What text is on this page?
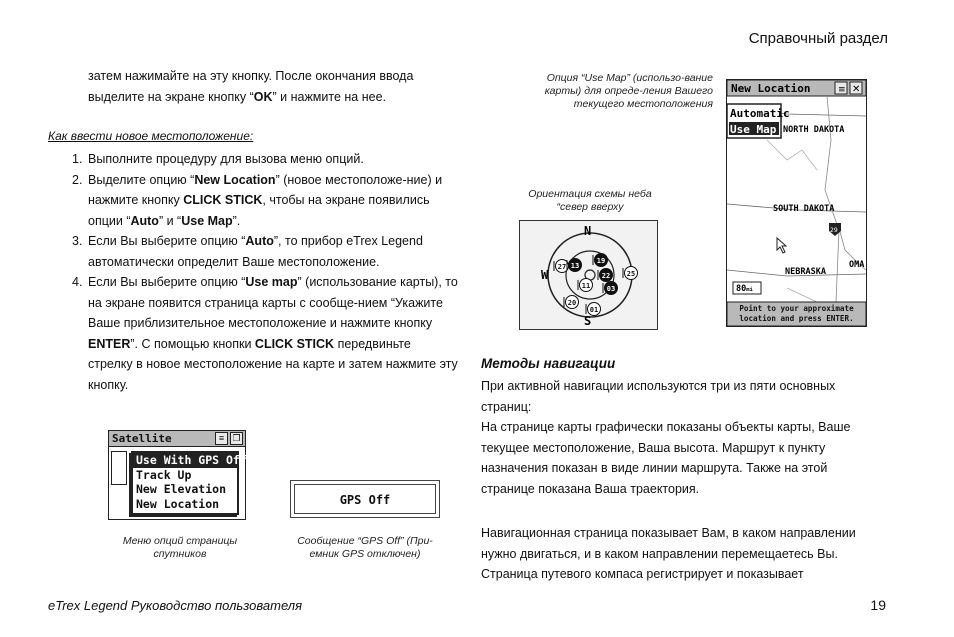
Справочный раздел
затем нажимайте на эту кнопку. После окончания ввода
выделите на экране кнопку “OK” и нажмите на нее.
Как ввести новое местоположение:
1. Выполните процедуру для вызова меню опций.
2. Выделите опцию “New Location” (новое местоположе-ние) и нажмите кнопку CLICK STICK, чтобы на экране появились опции “Auto” и “Use Map”.
3. Если Вы выберите опцию “Auto”, то прибор eTrex Legend автоматически определит Ваше местоположение.
4. Если Вы выберите опцию “Use map” (использование карты), то на экране появится страница карты с сообще-нием “Укажите Ваше приблизительное местоположение и нажмите кнопку ENTER”. С помощью кнопки CLICK STICK передвиньте стрелку в новое местоположение на карте и затем нажмите эту кнопку.
Satellite	≡ ❐
Use With GPS Off
Track Up
New Elevation
New Location
Меню опций страницы спутников
GPS Off
Сообщение “GPS Off” (При-емник GPS отключен)
Ориентация схемы неба “север вверху
N
W
S
27 13
19
22 25
11 03
20
01
Опция “Use Map” (использо-вание карты) для опреде-ления Вашего текущего местоположения
New Location	≡ ✕
Automatic
Use Map NORTH DAKOTA
SOUTH DAKOTA
NEBRASKA
OMA
29
80mi
Point to your approximate location and press ENTER.
Методы навигации
При активной навигации используются три из пяти основных страниц:
На странице карты графически показаны объекты карты, Ваше текущее местоположение, Ваша высота. Маршрут к пункту назначения показан в виде линии маршрута. Также на этой странице показана Ваша траектория.
Навигационная страница показывает Вам, в каком направлении нужно двигаться, и в каком направлении перемещаетесь Вы. Страница путевого компаса регистрирует и показывает
eTrex Legend Руководство пользователя	19
